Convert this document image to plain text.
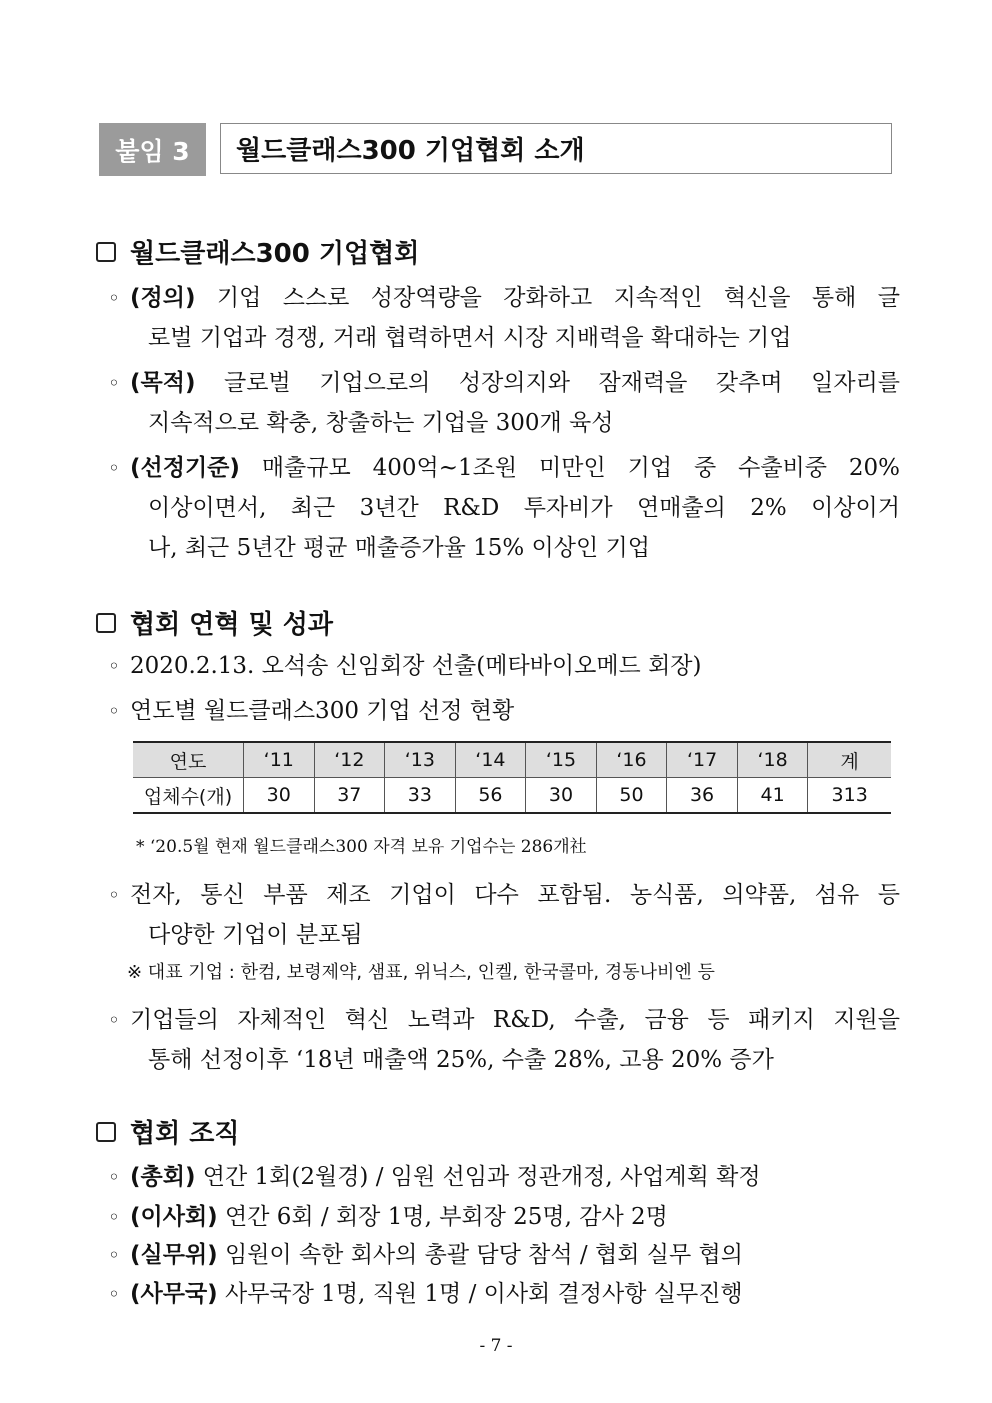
붙임 3	월드클래스300 기업협회 소개
월드클래스300 기업협회
◦ (정의) 기업 스스로 성장역량을 강화하고 지속적인 혁신을 통해 글
로벌 기업과 경쟁, 거래 협력하면서 시장 지배력을 확대하는 기업
◦ (목적) 글로벌 기업으로의 성장의지와 잠재력을 갖추며 일자리를
지속적으로 확충, 창출하는 기업을 300개 육성
◦ (선정기준) 매출규모 400억~1조원 미만인 기업 중 수출비중 20%
이상이면서, 최근 3년간 R&D 투자비가 연매출의 2% 이상이거
나, 최근 5년간 평균 매출증가율 15% 이상인 기업
협회 연혁 및 성과
◦ 2020.2.13. 오석송 신임회장 선출(메타바이오메드 회장)
◦ 연도별 월드클래스300 기업 선정 현황
연도	‘11	‘12	‘13	‘14	‘15	‘16	‘17	‘18	계
업체수(개)	30	37	33	56	30	50	36	41	313
* ‘20.5월 현재 월드클래스300 자격 보유 기업수는 286개社
◦ 전자, 통신 부품 제조 기업이 다수 포함됨. 농식품, 의약품, 섬유 등
다양한 기업이 분포됨
※ 대표 기업 : 한컴, 보령제약, 샘표, 위닉스, 인켈, 한국콜마, 경동나비엔 등
◦ 기업들의 자체적인 혁신 노력과 R&D, 수출, 금융 등 패키지 지원을
통해 선정이후 ‘18년 매출액 25%, 수출 28%, 고용 20% 증가
협회 조직
◦ (총회) 연간 1회(2월경) / 임원 선임과 정관개정, 사업계획 확정
◦ (이사회) 연간 6회 / 회장 1명, 부회장 25명, 감사 2명
◦ (실무위) 임원이 속한 회사의 총괄 담당 참석 / 협회 실무 협의
◦ (사무국) 사무국장 1명, 직원 1명 / 이사회 결정사항 실무진행
- 7 -
